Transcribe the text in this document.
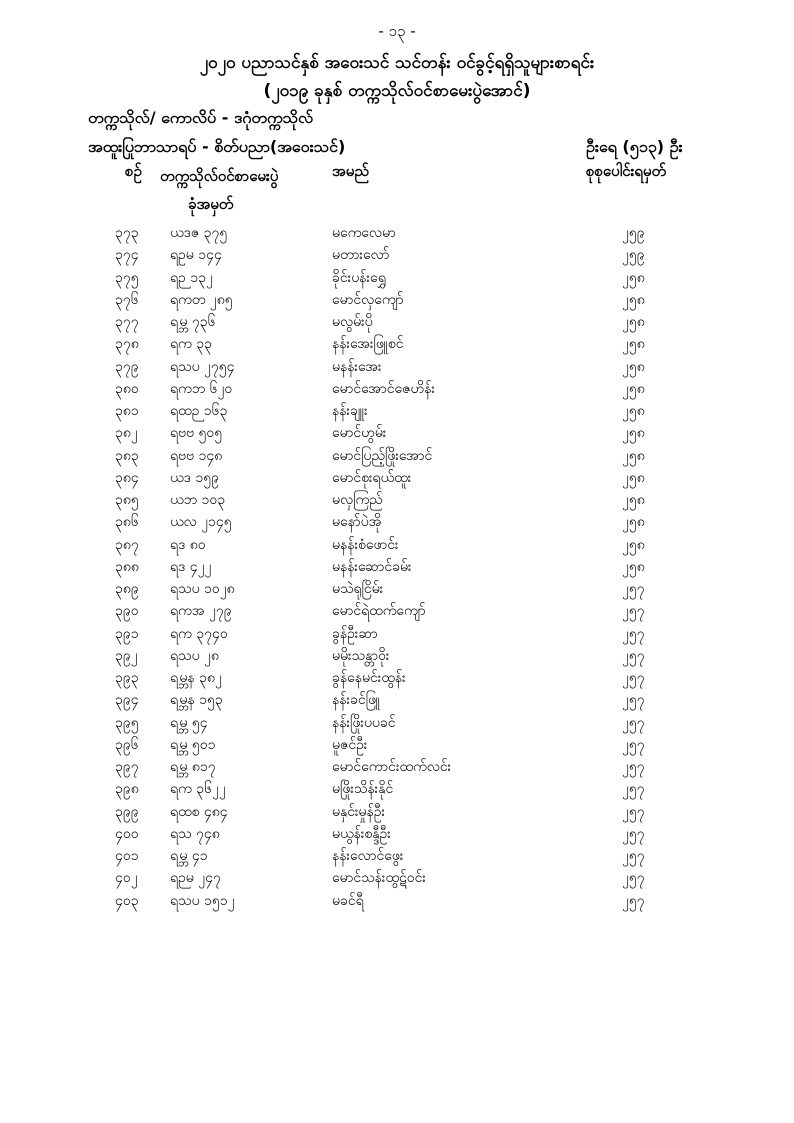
- ၁၃ -
၂၀၂၀ ပညာသင်နှစ် အဝေးသင် သင်တန်း ဝင်ခွင့်ရရှိသူများစာရင်း
(၂၀၁၉ ခုနှစ် တက္ကသိုလ်ဝင်စာမေးပွဲအောင်)
တက္ကသိုလ်/ ကောလိပ် - ဒဂုံတက္ကသိုလ်
အထူးပြုဘာသာရပ် - စိတ်ပညာ(အဝေးသင်)	ဦးရေ (၅၁၃) ဦး
စဉ် တက္ကသိုလ်ဝင်စာမေးပွဲ
ခုံအမှတ်
အမည်	စုစုပေါင်းရမှတ်
၃၇၃ ယဒဇ ၃၇၅	မကေလေမာ	၂၅၉
၃၇၄ ရဥမ ၁၄၄	မတားလော်	၂၅၉
၃၇၅ ရဉ ၁၃၂	ခိုင်းပန်းရွှေ	၂၅၈
၃၇၆ ရကတ ၂၈၅	မောင်လှကျော်	၂၅၈
၃၇၇ ရမ္ဘ ၇၃၆	မလွမ်းပို	၂၅၈
၃၇၈ ရက ၃၃	နန်းအေးဖြူစင်	၂၅၈
၃၇၉ ရသပ ၂၇၅၄	မနန်းအေး	၂၅၈
၃၈၀ ရကဘ ၆၂၀	မောင်အောင်ဇေဟိန်း	၂၅၈
၃၈၁ ရထဉ ၁၆၃	နန်းချူး	၂၅၈
၃၈၂ ရဗဗ ၅၀၅	မောင်ဟွမ်း	၂၅၈
၃၈၃ ရဗဗ ၁၄၈	မောင်ပြည့်ဖြိုးအောင်	၂၅၈
၃၈၄ ယဒ ၁၅၉	မောင်စုးရယ်ထူး	၂၅၈
၃၈၅ ယဘ ၁၀၃	မလှကြည်	၂၅၈
၃၈၆ ယလ ၂၁၄၅	မနော်ပဲအို	၂၅၈
၃၈၇ ရဒ ၈၀	မနန်းစံဖောင်း	၂၅၈
၃၈၈ ရဒ ၄၂၂	မနန်းဆောင်ခမ်း	၂၅၈
၃၈၉ ရသပ ၁၀၂၈	မသဲရုငြိမ်း	၂၅၇
၃၉၀ ရကအ ၂၇၉	မောင်ရဲထက်ကျော်	၂၅၇
၃၉၁ ရက ၃၇၄၀	ခွန်ဦးဆာ	၂၅၇
၃၉၂ ရသပ ၂၈	မမိုးသန္တာဝိုး	၂၅၇
၃၉၃ ရမ္ဘန ၃၈၂	ခွန်နေမင်းထွန်း	၂၅၇
၃၉၄ ရမ္ဘန ၁၅၃	နန်းခင်ဖြူ	၂၅၇
၃၉၅ ရမ္ဘ ၅၄	နန်းဖြိုးပပခင်	၂၅၇
၃၉၆ ရမ္ဘ ၅၀၁	မူဇင်ဦး	၂၅၇
၃၉၇ ရမ္ဘ ၈၁၇	မောင်ကောင်းထက်လင်း	၂၅၇
၃၉၈ ရက ၃၆၂၂	မဖြိုးသိန်းနိုင်	၂၅၇
၃၉၉ ရထစ ၄၈၄	မနှင်းမှုန်ဦး	၂၅၇
၄၀၀ ရသ ၇၄၈	မယွန်းစန္ဒီဦး	၂၅၇
၄၀၁ ရမ္ဘ ၄၁	နန်းလောင်ဖွေး	၂၅၇
၄၀၂ ရဉမ ၂၄၇	မောင်သန်းထွဋ်ဝင်း	၂၅၇
၄၀၃ ရသပ ၁၅၁၂	မခင်ရီ	၂၅၇
